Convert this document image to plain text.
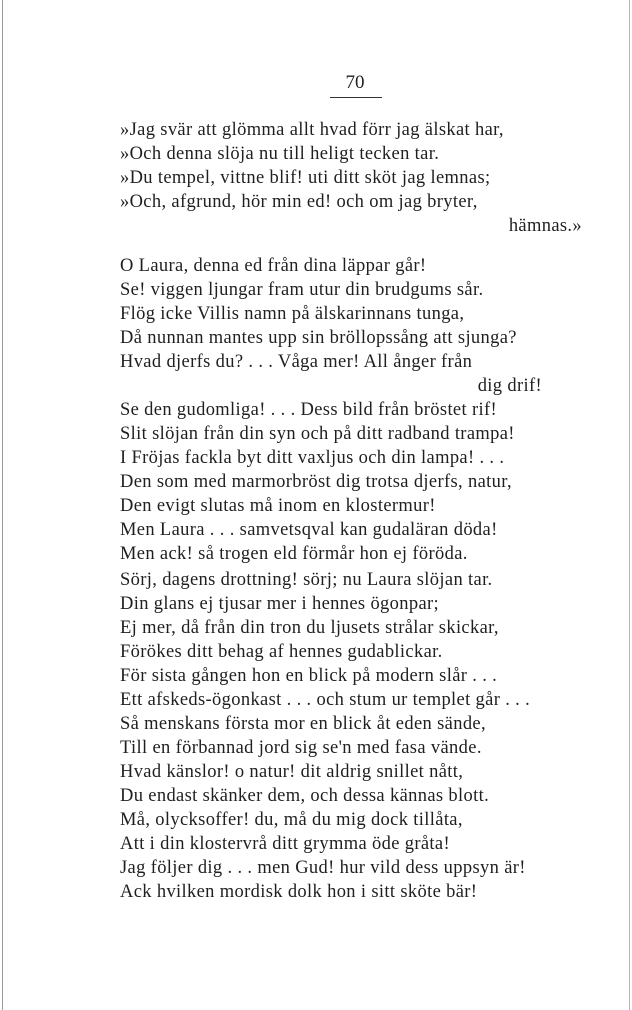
70
»Jag svär att glömma allt hvad förr jag älskat har,
»Och denna slöja nu till heligt tecken tar.
»Du tempel, vittne blif! uti ditt sköt jag lemnas;
»Och, afgrund, hör min ed! och om jag bryter,
hämnas.»
O Laura, denna ed från dina läppar går!
Se! viggen ljungar fram utur din brudgums sår.
Flög icke Villis namn på älskarinnans tunga,
Då nunnan mantes upp sin bröllopssång att sjunga?
Hvad djerfs du? . . . Våga mer! All ånger från
dig drif!
Se den gudomliga! . . . Dess bild från bröstet rif!
Slit slöjan från din syn och på ditt radband trampa!
I Fröjas fackla byt ditt vaxljus och din lampa! . . .
Den som med marmorbröst dig trotsa djerfs, natur,
Den evigt slutas må inom en klostermur!
Men Laura . . . samvetsqval kan gudaläran döda!
Men ack! så trogen eld förmår hon ej föröda.
Sörj, dagens drottning! sörj; nu Laura slöjan tar.
Din glans ej tjusar mer i hennes ögonpar;
Ej mer, då från din tron du ljusets strålar skickar,
Förökes ditt behag af hennes gudablickar.
För sista gången hon en blick på modern slår . . .
Ett afskeds-ögonkast . . . och stum ur templet går . . .
Så menskans första mor en blick åt eden sände,
Till en förbannad jord sig se'n med fasa vände.
Hvad känslor! o natur! dit aldrig snillet nått,
Du endast skänker dem, och dessa kännas blott.
Må, olycksoffer! du, må du mig dock tillåta,
Att i din klostervrå ditt grymma öde gråta!
Jag följer dig . . . men Gud! hur vild dess uppsyn är!
Ack hvilken mordisk dolk hon i sitt sköte bär!
